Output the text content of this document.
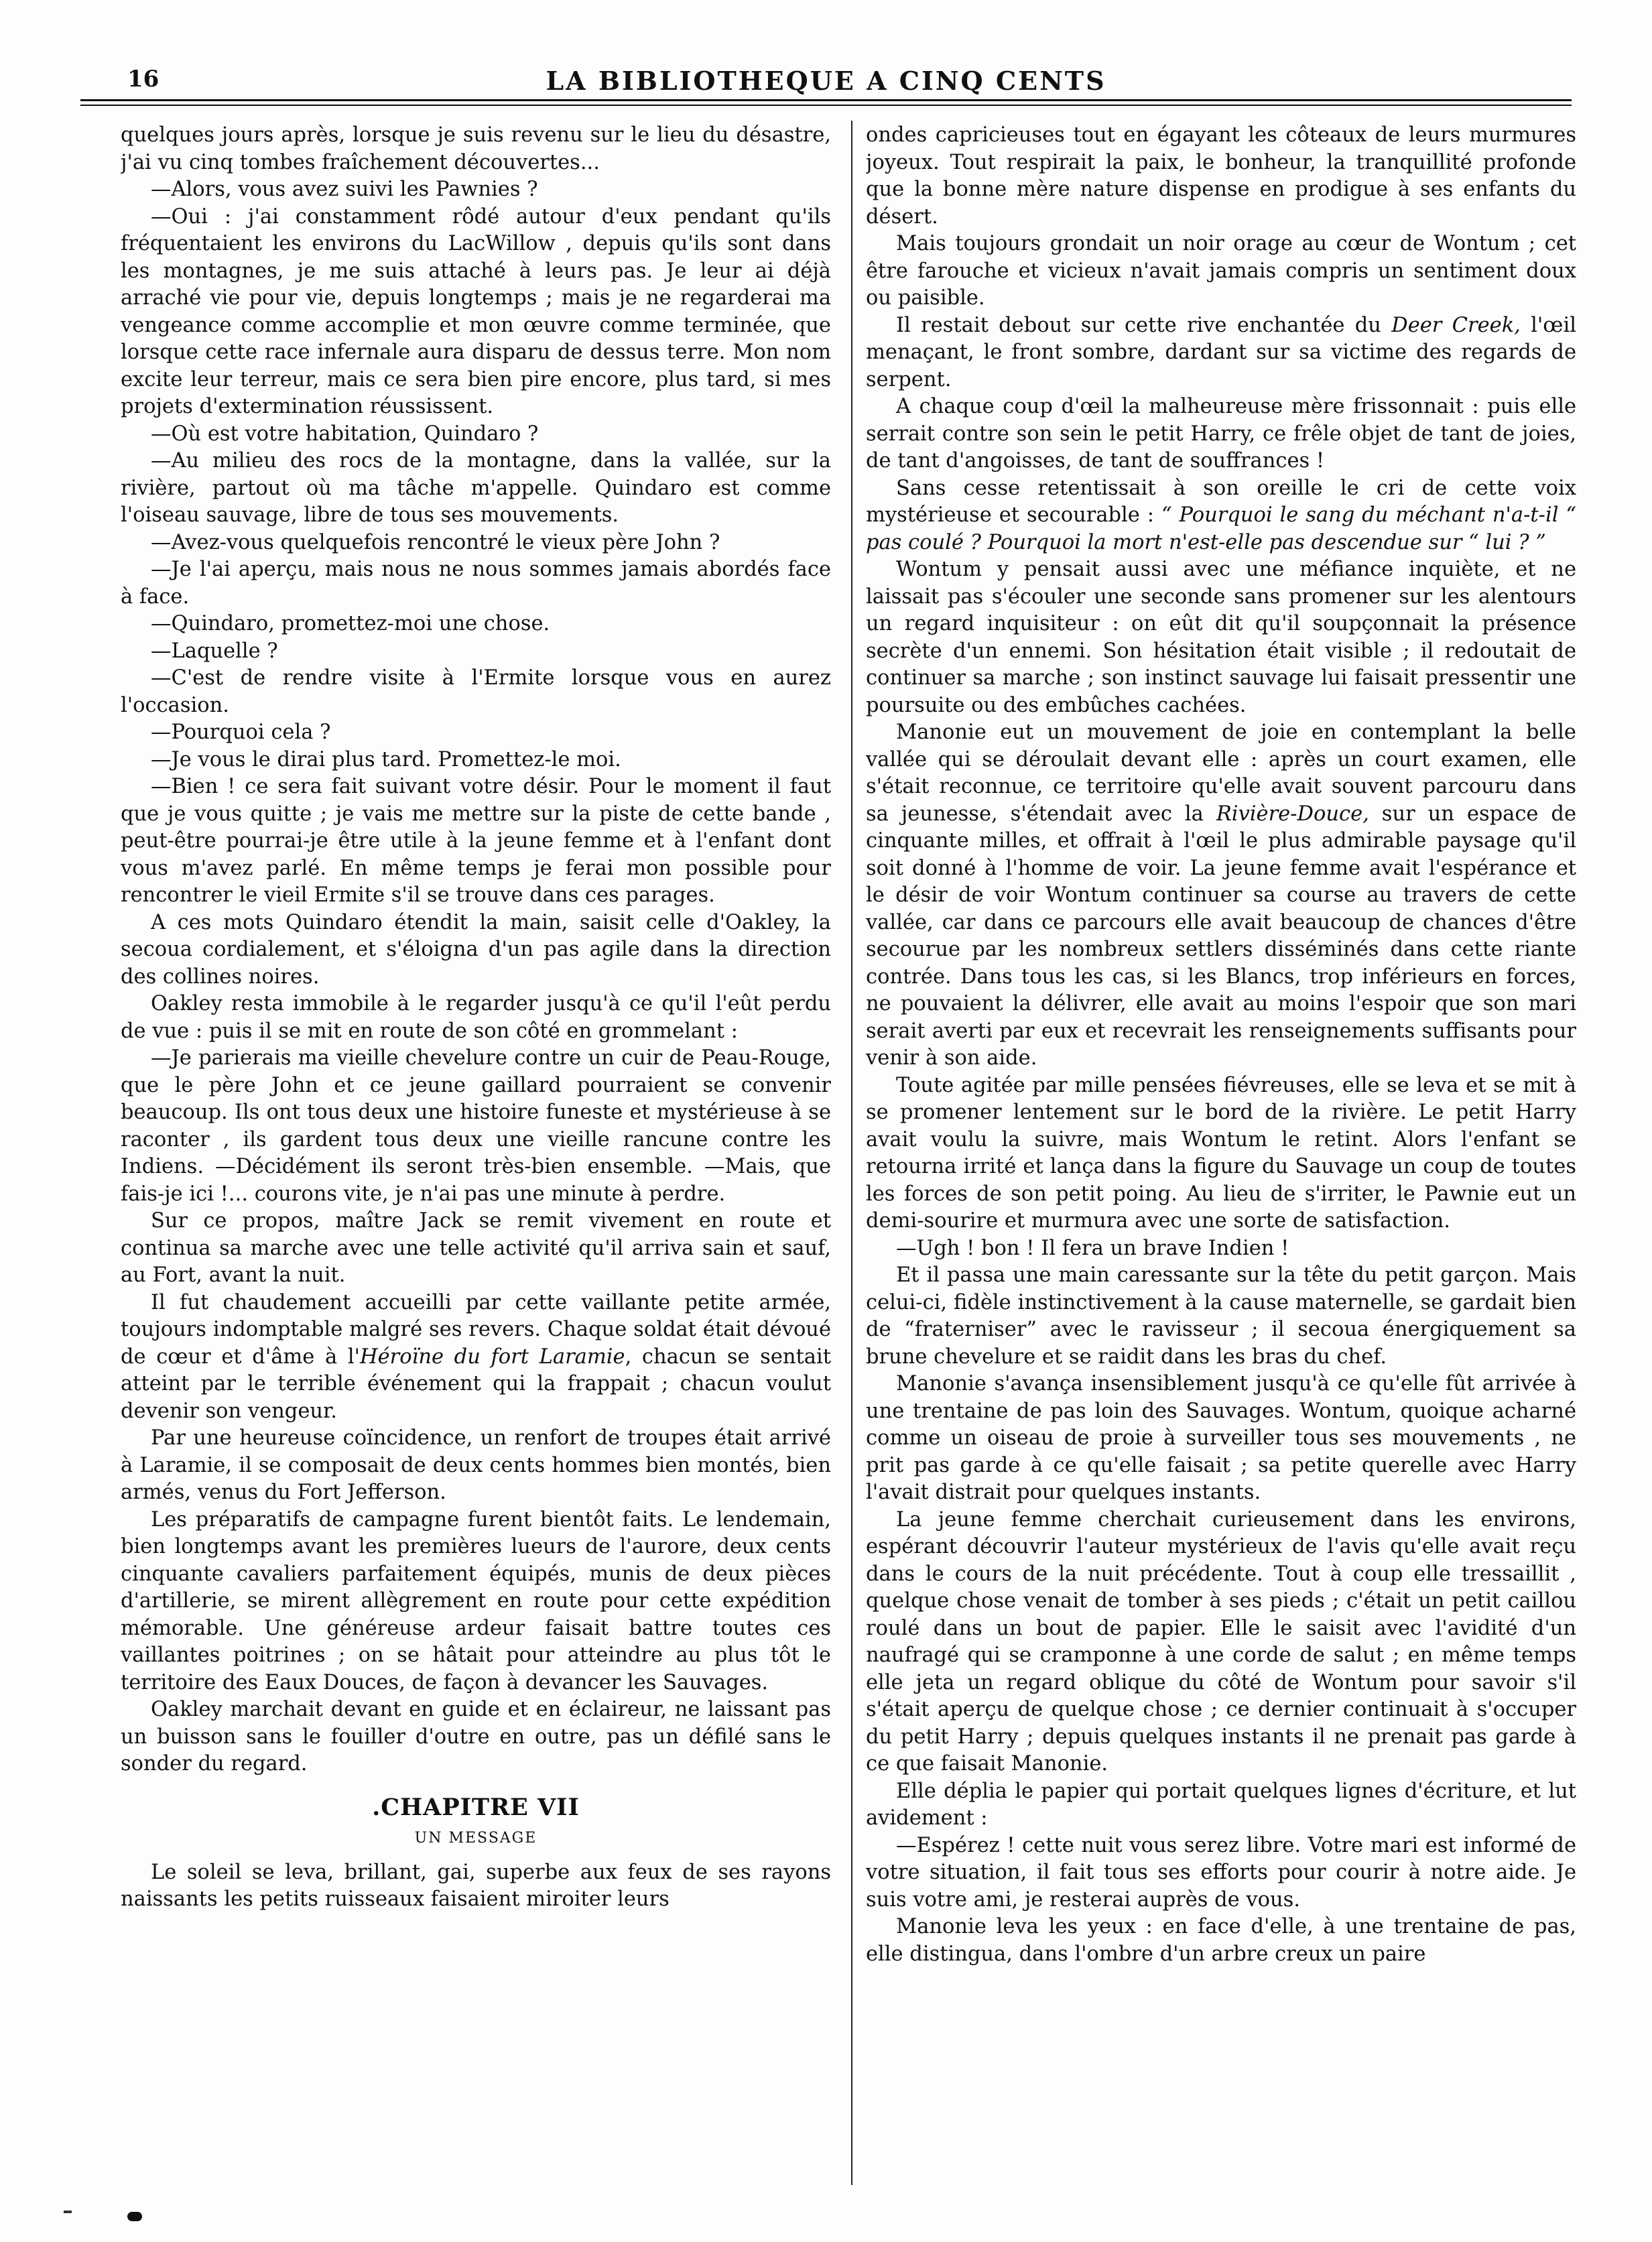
16	LA BIBLIOTHEQUE A CINQ CENTS

quelques jours après, lorsque je suis revenu sur le lieu du désastre, j'ai vu cinq tombes fraîchement découvertes...

—Alors, vous avez suivi les Pawnies ?

—Oui : j'ai constamment rôdé autour d'eux pendant qu'ils fréquentaient les environs du LacWillow , depuis qu'ils sont dans les montagnes, je me suis attaché à leurs pas. Je leur ai déjà arraché vie pour vie, depuis longtemps ; mais je ne regarderai ma vengeance comme accomplie et mon œuvre comme terminée, que lorsque cette race infernale aura disparu de dessus terre. Mon nom excite leur terreur, mais ce sera bien pire encore, plus tard, si mes projets d'extermination réussissent.

—Où est votre habitation, Quindaro ?

—Au milieu des rocs de la montagne, dans la vallée, sur la rivière, partout où ma tâche m'appelle. Quindaro est comme l'oiseau sauvage, libre de tous ses mouvements.

—Avez-vous quelquefois rencontré le vieux père John ?

—Je l'ai aperçu, mais nous ne nous sommes jamais abordés face à face.

—Quindaro, promettez-moi une chose.

—Laquelle ?

—C'est de rendre visite à l'Ermite lorsque vous en aurez l'occasion.

—Pourquoi cela ?

—Je vous le dirai plus tard. Promettez-le moi.

—Bien ! ce sera fait suivant votre désir. Pour le moment il faut que je vous quitte ; je vais me mettre sur la piste de cette bande , peut-être pourrai-je être utile à la jeune femme et à l'enfant dont vous m'avez parlé. En même temps je ferai mon possible pour rencontrer le vieil Ermite s'il se trouve dans ces parages.

A ces mots Quindaro étendit la main, saisit celle d'Oakley, la secoua cordialement, et s'éloigna d'un pas agile dans la direction des collines noires.

Oakley resta immobile à le regarder jusqu'à ce qu'il l'eût perdu de vue : puis il se mit en route de son côté en grommelant :

—Je parierais ma vieille chevelure contre un cuir de Peau-Rouge, que le père John et ce jeune gaillard pourraient se convenir beaucoup. Ils ont tous deux une histoire funeste et mystérieuse à se raconter , ils gardent tous deux une vieille rancune contre les Indiens. —Décidément ils seront très-bien ensemble. —Mais, que fais-je ici !... courons vite, je n'ai pas une minute à perdre.

Sur ce propos, maître Jack se remit vivement en route et continua sa marche avec une telle activité qu'il arriva sain et sauf, au Fort, avant la nuit.

Il fut chaudement accueilli par cette vaillante petite armée, toujours indomptable malgré ses revers. Chaque soldat était dévoué de cœur et d'âme à l'Héroïne du fort Laramie, chacun se sentait atteint par le terrible événement qui la frappait ; chacun voulut devenir son vengeur.

Par une heureuse coïncidence, un renfort de troupes était arrivé à Laramie, il se composait de deux cents hommes bien montés, bien armés, venus du Fort Jefferson.

Les préparatifs de campagne furent bientôt faits. Le lendemain, bien longtemps avant les premières lueurs de l'aurore, deux cents cinquante cavaliers parfaitement équipés, munis de deux pièces d'artillerie, se mirent allègrement en route pour cette expédition mémorable. Une généreuse ardeur faisait battre toutes ces vaillantes poitrines ; on se hâtait pour atteindre au plus tôt le territoire des Eaux Douces, de façon à devancer les Sauvages.

Oakley marchait devant en guide et en éclaireur, ne laissant pas un buisson sans le fouiller d'outre en outre, pas un défilé sans le sonder du regard.

.CHAPITRE VII
UN MESSAGE

Le soleil se leva, brillant, gai, superbe aux feux de ses rayons naissants les petits ruisseaux faisaient miroiter leurs

ondes capricieuses tout en égayant les côteaux de leurs murmures joyeux. Tout respirait la paix, le bonheur, la tranquillité profonde que la bonne mère nature dispense en prodigue à ses enfants du désert.

Mais toujours grondait un noir orage au cœur de Wontum ; cet être farouche et vicieux n'avait jamais compris un sentiment doux ou paisible.

Il restait debout sur cette rive enchantée du Deer Creek, l'œil menaçant, le front sombre, dardant sur sa victime des regards de serpent.

A chaque coup d'œil la malheureuse mère frissonnait : puis elle serrait contre son sein le petit Harry, ce frêle objet de tant de joies, de tant d'angoisses, de tant de souffrances !

Sans cesse retentissait à son oreille le cri de cette voix mystérieuse et secourable : “ Pourquoi le sang du méchant n'a-t-il “ pas coulé ? Pourquoi la mort n'est-elle pas descendue sur “ lui ? ”

Wontum y pensait aussi avec une méfiance inquiète, et ne laissait pas s'écouler une seconde sans promener sur les alentours un regard inquisiteur : on eût dit qu'il soupçonnait la présence secrète d'un ennemi. Son hésitation était visible ; il redoutait de continuer sa marche ; son instinct sauvage lui faisait pressentir une poursuite ou des embûches cachées.

Manonie eut un mouvement de joie en contemplant la belle vallée qui se déroulait devant elle : après un court examen, elle s'était reconnue, ce territoire qu'elle avait souvent parcouru dans sa jeunesse, s'étendait avec la Rivière-Douce, sur un espace de cinquante milles, et offrait à l'œil le plus admirable paysage qu'il soit donné à l'homme de voir. La jeune femme avait l'espérance et le désir de voir Wontum continuer sa course au travers de cette vallée, car dans ce parcours elle avait beaucoup de chances d'être secourue par les nombreux settlers disséminés dans cette riante contrée. Dans tous les cas, si les Blancs, trop inférieurs en forces, ne pouvaient la délivrer, elle avait au moins l'espoir que son mari serait averti par eux et recevrait les renseignements suffisants pour venir à son aide.

Toute agitée par mille pensées fiévreuses, elle se leva et se mit à se promener lentement sur le bord de la rivière. Le petit Harry avait voulu la suivre, mais Wontum le retint. Alors l'enfant se retourna irrité et lança dans la figure du Sauvage un coup de toutes les forces de son petit poing. Au lieu de s'irriter, le Pawnie eut un demi-sourire et murmura avec une sorte de satisfaction.

—Ugh ! bon ! Il fera un brave Indien !

Et il passa une main caressante sur la tête du petit garçon. Mais celui-ci, fidèle instinctivement à la cause maternelle, se gardait bien de “fraterniser” avec le ravisseur ; il secoua énergiquement sa brune chevelure et se raidit dans les bras du chef.

Manonie s'avança insensiblement jusqu'à ce qu'elle fût arrivée à une trentaine de pas loin des Sauvages. Wontum, quoique acharné comme un oiseau de proie à surveiller tous ses mouvements , ne prit pas garde à ce qu'elle faisait ; sa petite querelle avec Harry l'avait distrait pour quelques instants.

La jeune femme cherchait curieusement dans les environs, espérant découvrir l'auteur mystérieux de l'avis qu'elle avait reçu dans le cours de la nuit précédente. Tout à coup elle tressaillit , quelque chose venait de tomber à ses pieds ; c'était un petit caillou roulé dans un bout de papier. Elle le saisit avec l'avidité d'un naufragé qui se cramponne à une corde de salut ; en même temps elle jeta un regard oblique du côté de Wontum pour savoir s'il s'était aperçu de quelque chose ; ce dernier continuait à s'occuper du petit Harry ; depuis quelques instants il ne prenait pas garde à ce que faisait Manonie.

Elle déplia le papier qui portait quelques lignes d'écriture, et lut avidement :

—Espérez ! cette nuit vous serez libre. Votre mari est informé de votre situation, il fait tous ses efforts pour courir à notre aide. Je suis votre ami, je resterai auprès de vous.

Manonie leva les yeux : en face d'elle, à une trentaine de pas, elle distingua, dans l'ombre d'un arbre creux un paire
